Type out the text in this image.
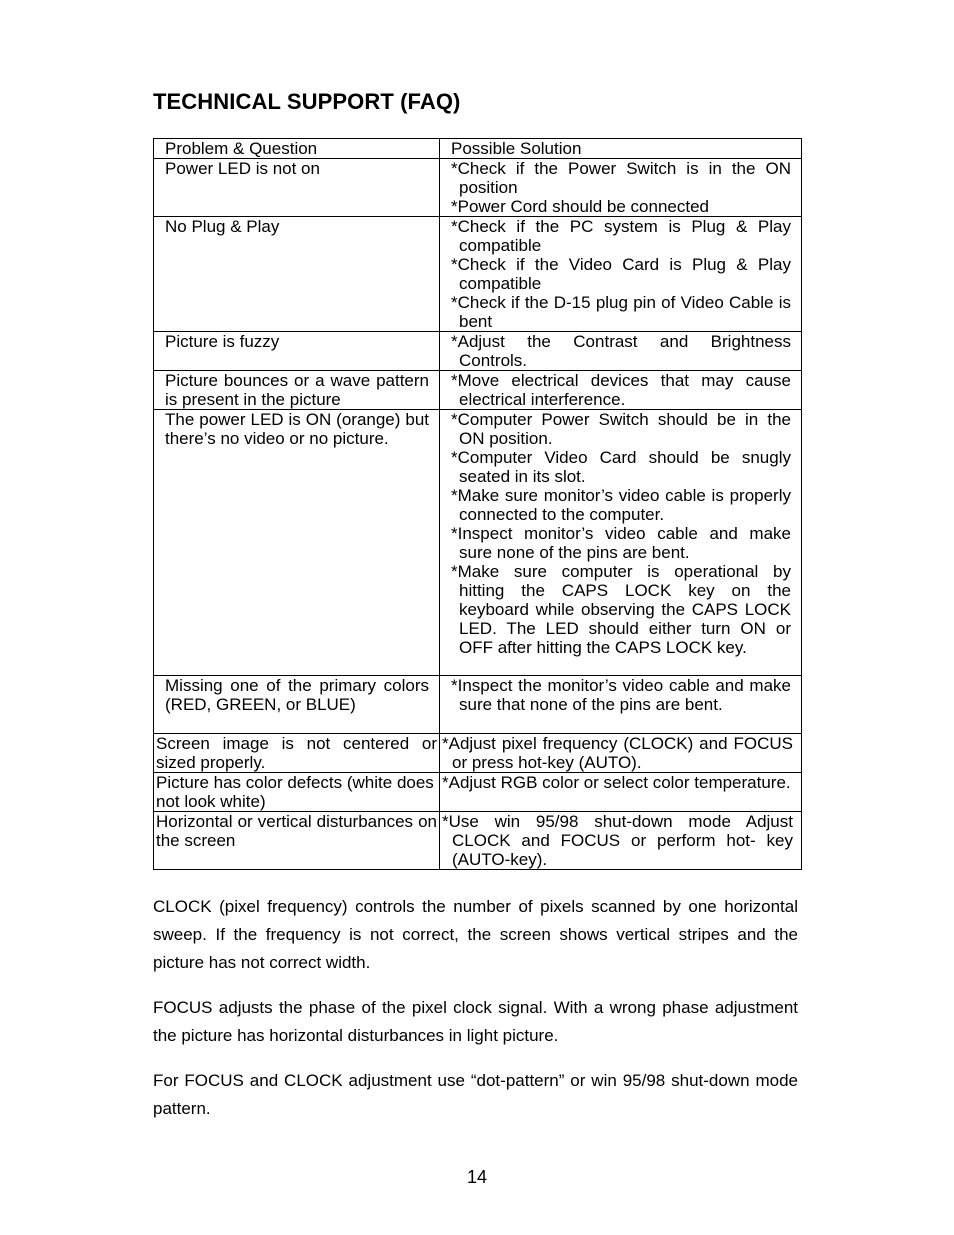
TECHNICAL SUPPORT (FAQ)
Problem & Question	Possible Solution

Power LED is not on	*Check if the Power Switch is in the ON position
*Power Cord should be connected

No Plug & Play	*Check if the PC system is Plug & Play compatible
*Check if the Video Card is Plug & Play compatible
*Check if the D-15 plug pin of Video Cable is bent

Picture is fuzzy	*Adjust the Contrast and Brightness Controls.

Picture bounces or a wave pattern is present in the picture	*Move electrical devices that may cause electrical interference.

The power LED is ON (orange) but there’s no video or no picture.	*Computer Power Switch should be in the ON position.
*Computer Video Card should be snugly seated in its slot.
*Make sure monitor’s video cable is properly connected to the computer.
*Inspect monitor’s video cable and make sure none of the pins are bent.
*Make sure computer is operational by hitting the CAPS LOCK key on the keyboard while observing the CAPS LOCK LED. The LED should either turn ON or OFF after hitting the CAPS LOCK key.

Missing one of the primary colors (RED, GREEN, or BLUE)	*Inspect the monitor’s video cable and make sure that none of the pins are bent.

Screen image is not centered or sized properly.	*Adjust pixel frequency (CLOCK) and FOCUS or press hot-key (AUTO).

Picture has color defects (white does not look white)	*Adjust RGB color or select color temperature.

Horizontal or vertical disturbances on the screen	*Use win 95/98 shut-down mode Adjust CLOCK and FOCUS or perform hot- key (AUTO-key).

CLOCK (pixel frequency) controls the number of pixels scanned by one horizontal sweep. If the frequency is not correct, the screen shows vertical stripes and the picture has not correct width.

FOCUS adjusts the phase of the pixel clock signal. With a wrong phase adjustment the picture has horizontal disturbances in light picture.

For FOCUS and CLOCK adjustment use “dot-pattern” or win 95/98 shut-down mode pattern.

14
